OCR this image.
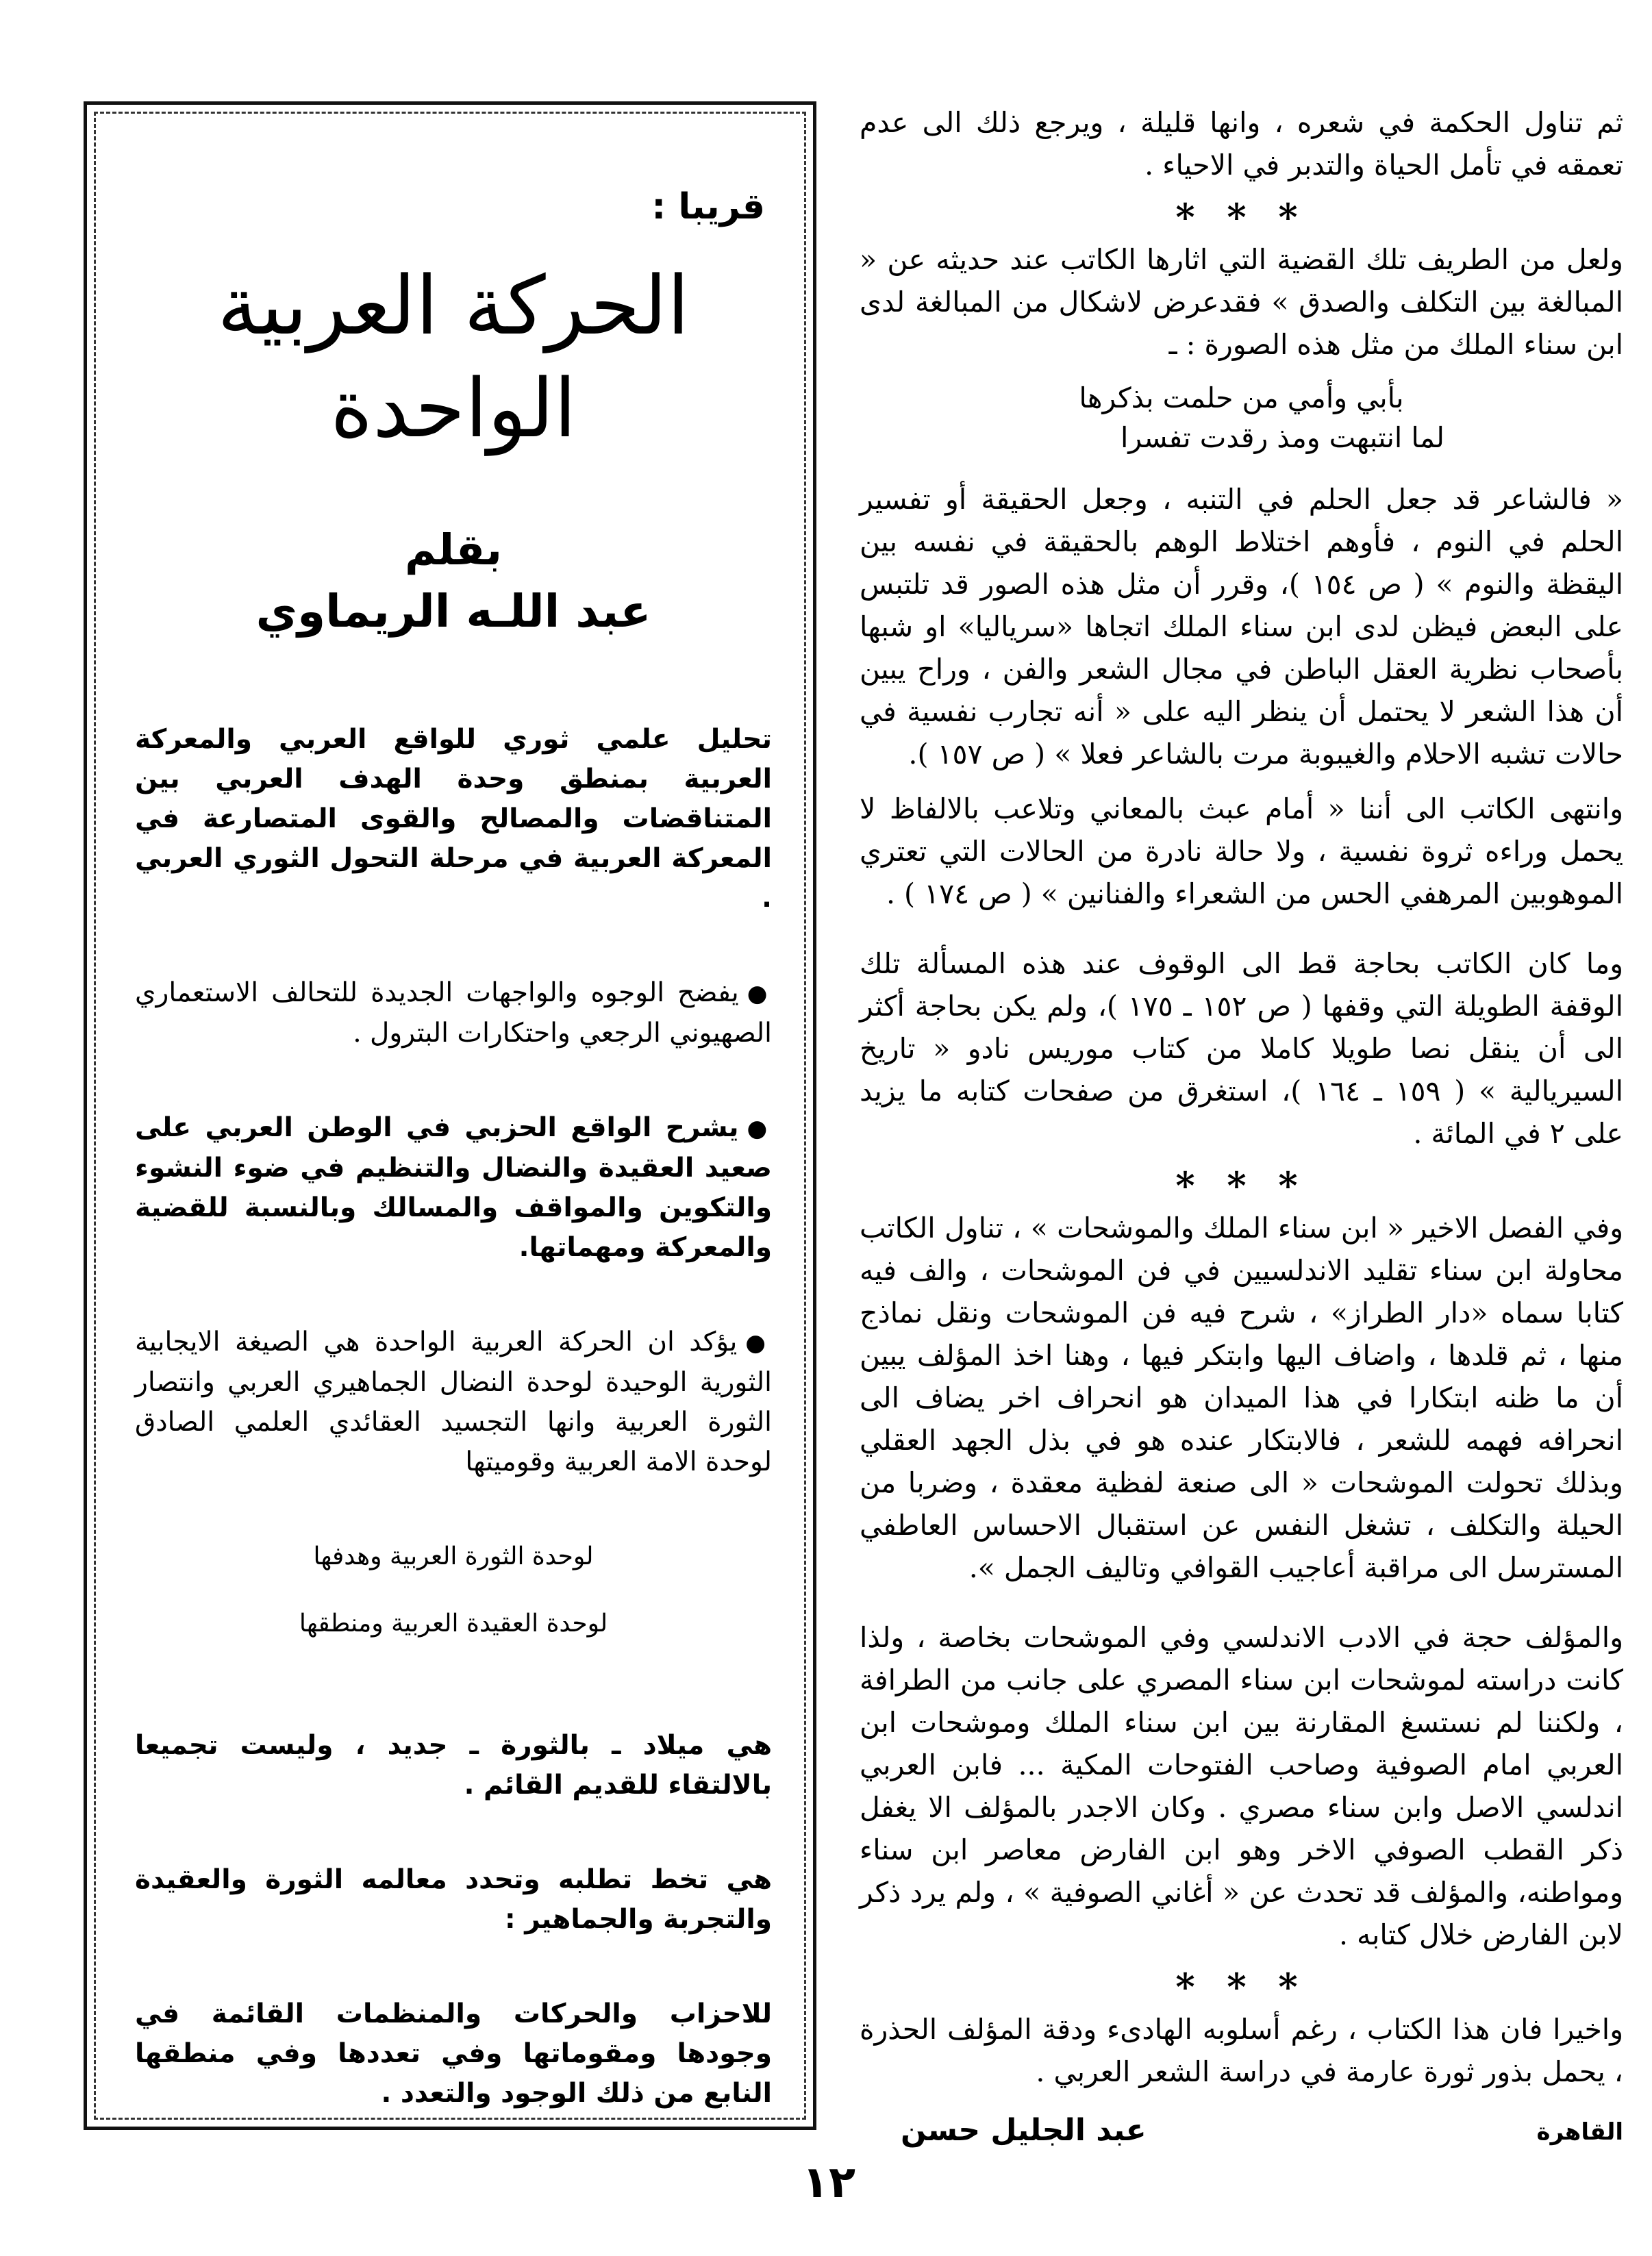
ثم تناول الحكمة في شعره ، وانها قليلة ، ويرجع ذلك الى عدم تعمقه في تأمل الحياة والتدبر في الاحياء .

* * *

ولعل من الطريف تلك القضية التي اثارها الكاتب عند حديثه عن « المبالغة بين التكلف والصدق » فقدعرض لاشكال من المبالغة لدى ابن سناء الملك من مثل هذه الصورة : ـ

بأبي وأمي من حلمت بذكرها
لما انتبهت ومذ رقدت تفسرا

« فالشاعر قد جعل الحلم في التنبه ، وجعل الحقيقة أو تفسير الحلم في النوم ، فأوهم اختلاط الوهم بالحقيقة في نفسه بين اليقظة والنوم » ( ص ١٥٤ )، وقرر أن مثل هذه الصور قد تلتبس على البعض فيظن لدى ابن سناء الملك اتجاها «سرياليا» او شبها بأصحاب نظرية العقل الباطن في مجال الشعر والفن ، وراح يبين أن هذا الشعر لا يحتمل أن ينظر اليه على « أنه تجارب نفسية في حالات تشبه الاحلام والغيبوبة مرت بالشاعر فعلا » ( ص ١٥٧ ).

وانتهى الكاتب الى أننا « أمام عبث بالمعاني وتلاعب بالالفاظ لا يحمل وراءه ثروة نفسية ، ولا حالة نادرة من الحالات التي تعتري الموهوبين المرهفي الحس من الشعراء والفنانين » ( ص ١٧٤ ) .

وما كان الكاتب بحاجة قط الى الوقوف عند هذه المسألة تلك الوقفة الطويلة التي وقفها ( ص ١٥٢ ـ ١٧٥ )، ولم يكن بحاجة أكثر الى أن ينقل نصا طويلا كاملا من كتاب موريس نادو « تاريخ السيريالية » ( ١٥٩ ـ ١٦٤ )، استغرق من صفحات كتابه ما يزيد على ٢ في المائة .

* * *

وفي الفصل الاخير « ابن سناء الملك والموشحات » ، تناول الكاتب محاولة ابن سناء تقليد الاندلسيين في فن الموشحات ، والف فيه كتابا سماه «دار الطراز» ، شرح فيه فن الموشحات ونقل نماذج منها ، ثم قلدها ، واضاف اليها وابتكر فيها ، وهنا اخذ المؤلف يبين أن ما ظنه ابتكارا في هذا الميدان هو انحراف اخر يضاف الى انحرافه فهمه للشعر ، فالابتكار عنده هو في بذل الجهد العقلي وبذلك تحولت الموشحات « الى صنعة لفظية معقدة ، وضربا من الحيلة والتكلف ، تشغل النفس عن استقبال الاحساس العاطفي المسترسل الى مراقبة أعاجيب القوافي وتاليف الجمل ».

والمؤلف حجة في الادب الاندلسي وفي الموشحات بخاصة ، ولذا كانت دراسته لموشحات ابن سناء المصري على جانب من الطرافة ، ولكننا لم نستسغ المقارنة بين ابن سناء الملك وموشحات ابن العربي امام الصوفية وصاحب الفتوحات المكية ... فابن العربي اندلسي الاصل وابن سناء مصري . وكان الاجدر بالمؤلف الا يغفل ذكر القطب الصوفي الاخر وهو ابن الفارض معاصر ابن سناء ومواطنه، والمؤلف قد تحدث عن « أغاني الصوفية » ، ولم يرد ذكر لابن الفارض خلال كتابه .

* * *

واخيرا فان هذا الكتاب ، رغم أسلوبه الهادىء ودقة المؤلف الحذرة ، يحمل بذور ثورة عارمة في دراسة الشعر العربي .

القاهرة
عبد الجليل حسن
قريبا :
الحركة العربية الواحدة
بقلم
عبد اللـه الريماوي

تحليل علمي ثوري للواقع العربي والمعركة العربية بمنطق وحدة الهدف العربي بين المتناقضات والمصالح والقوى المتصارعة في المعركة العربية في مرحلة التحول الثوري العربي .

● يفضح الوجوه والواجهات الجديدة للتحالف الاستعماري الصهيوني الرجعي واحتكارات البترول .

● يشرح الواقع الحزبي في الوطن العربي على صعيد العقيدة والنضال والتنظيم في ضوء النشوء والتكوين والمواقف والمسالك وبالنسبة للقضية والمعركة ومهماتها.

● يؤكد ان الحركة العربية الواحدة هي الصيغة الايجابية الثورية الوحيدة لوحدة النضال الجماهيري العربي وانتصار الثورة العربية وانها التجسيد العقائدي العلمي الصادق لوحدة الامة العربية وقوميتها

لوحدة الثورة العربية وهدفها
لوحدة العقيدة العربية ومنطقها

هي ميلاد ـ بالثورة ـ جديد ، وليست تجميعا بالالتقاء للقديم القائم .

هي تخط تطلبه وتحدد معالمه الثورة والعقيدة والتجربة والجماهير :

للاحزاب والحركات والمنظمات القائمة في وجودها ومقوماتها وفي تعددها وفي منطقها النابع من ذلك الوجود والتعدد .

١٢
